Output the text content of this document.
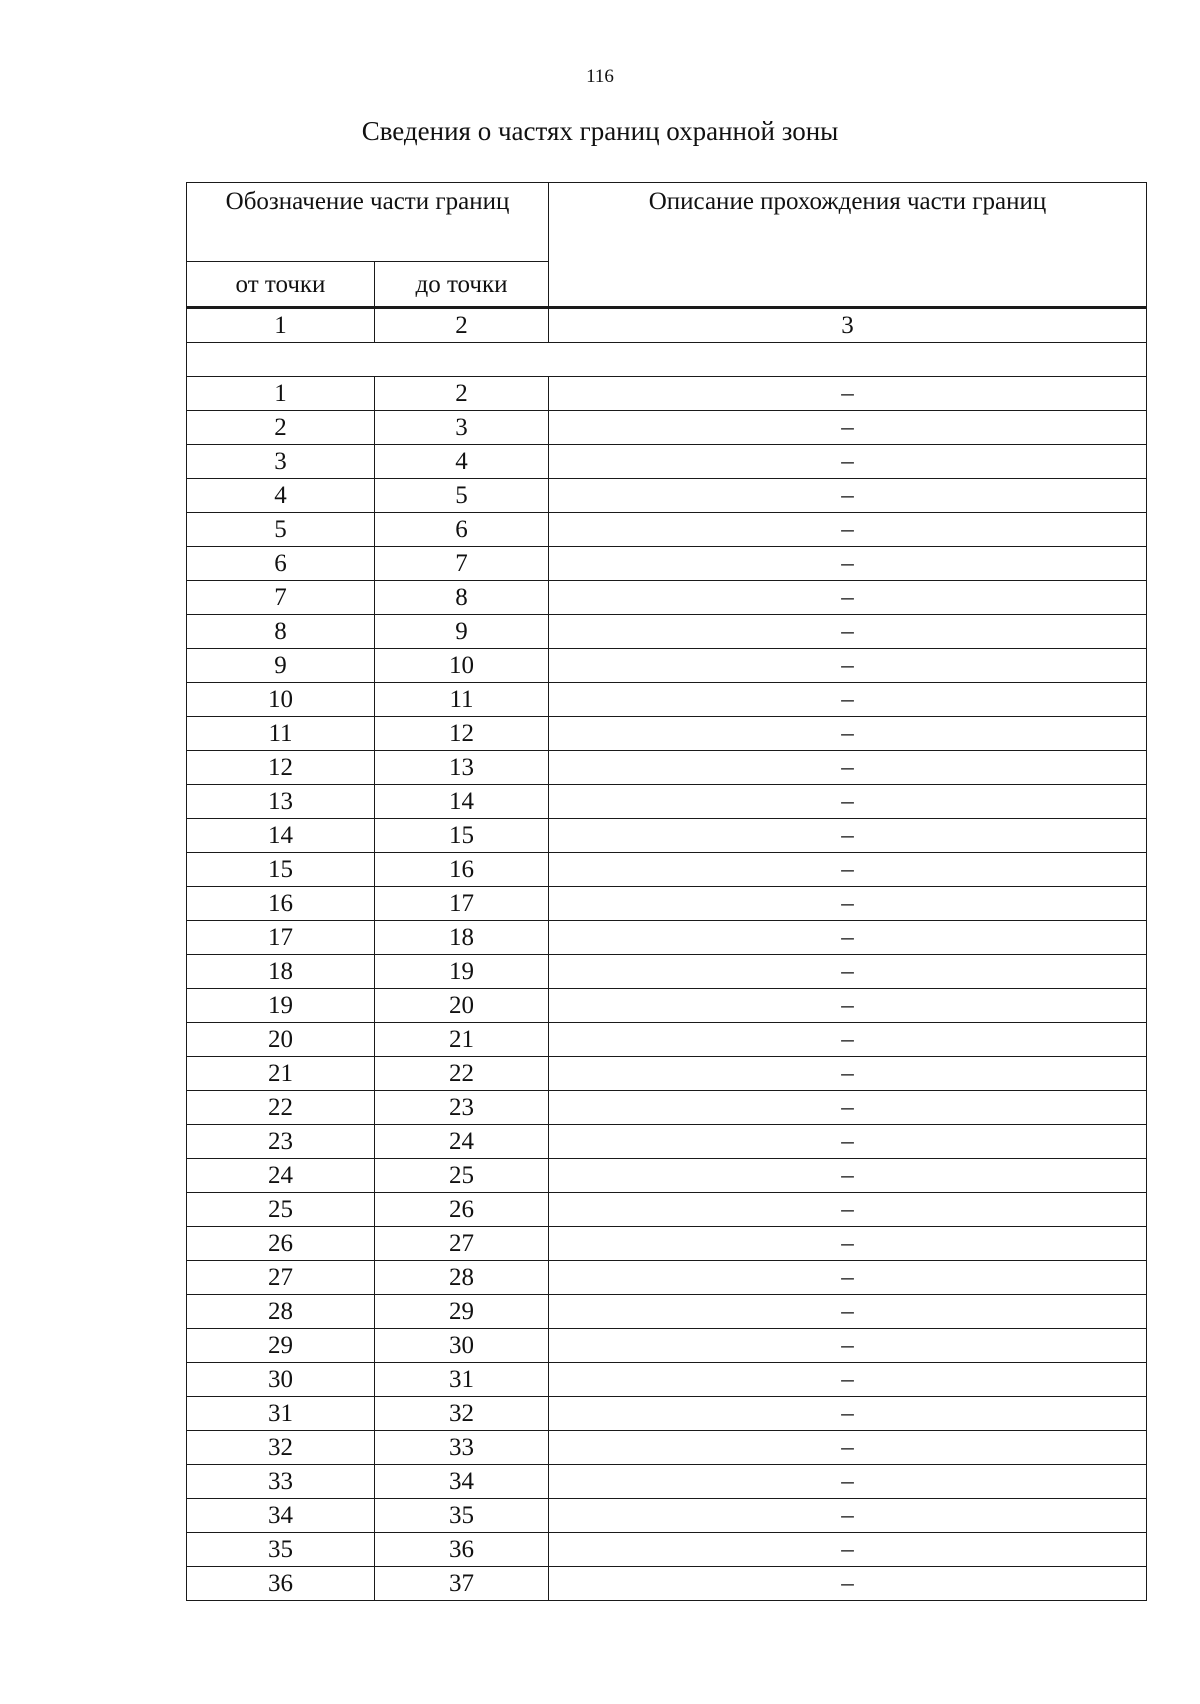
116
Сведения о частях границ охранной зоны
Обозначение части границ		Описание прохождения части границ
от точки	до точки	
1	2	3

1	2	–
2	3	–
3	4	–
4	5	–
5	6	–
6	7	–
7	8	–
8	9	–
9	10	–
10	11	–
11	12	–
12	13	–
13	14	–
14	15	–
15	16	–
16	17	–
17	18	–
18	19	–
19	20	–
20	21	–
21	22	–
22	23	–
23	24	–
24	25	–
25	26	–
26	27	–
27	28	–
28	29	–
29	30	–
30	31	–
31	32	–
32	33	–
33	34	–
34	35	–
35	36	–
36	37	–
